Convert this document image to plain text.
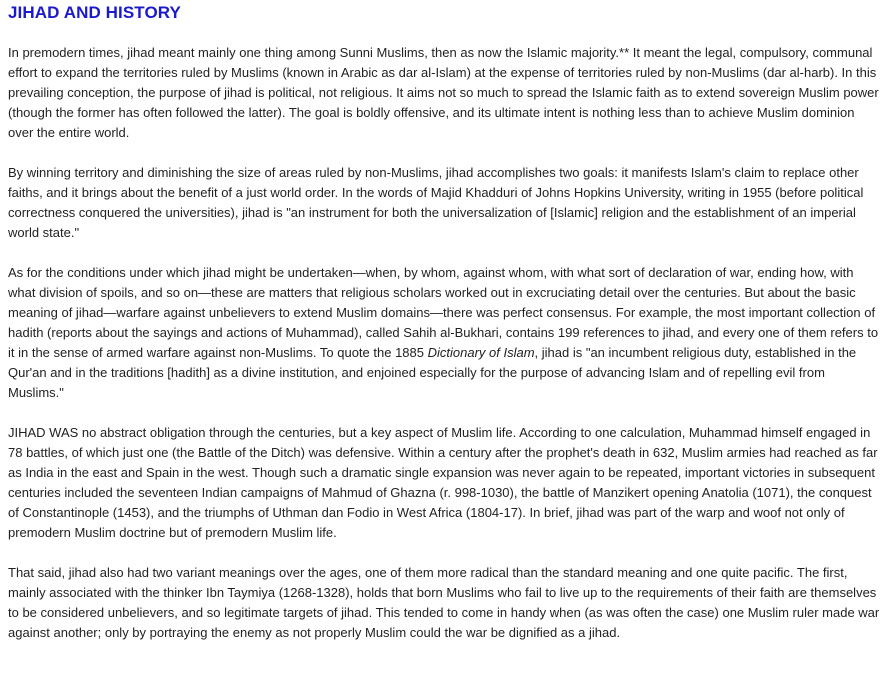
JIHAD AND HISTORY

In premodern times, jihad meant mainly one thing among Sunni Muslims, then as now the Islamic majority.** It meant the legal, compulsory, communal effort to expand the territories ruled by Muslims (known in Arabic as dar al-Islam) at the expense of territories ruled by non-Muslims (dar al-harb). In this prevailing conception, the purpose of jihad is political, not religious. It aims not so much to spread the Islamic faith as to extend sovereign Muslim power (though the former has often followed the latter). The goal is boldly offensive, and its ultimate intent is nothing less than to achieve Muslim dominion over the entire world.

By winning territory and diminishing the size of areas ruled by non-Muslims, jihad accomplishes two goals: it manifests Islam's claim to replace other faiths, and it brings about the benefit of a just world order. In the words of Majid Khadduri of Johns Hopkins University, writing in 1955 (before political correctness conquered the universities), jihad is "an instrument for both the universalization of [Islamic] religion and the establishment of an imperial world state."

As for the conditions under which jihad might be undertaken—when, by whom, against whom, with what sort of declaration of war, ending how, with what division of spoils, and so on—these are matters that religious scholars worked out in excruciating detail over the centuries. But about the basic meaning of jihad—warfare against unbelievers to extend Muslim domains—there was perfect consensus. For example, the most important collection of hadith (reports about the sayings and actions of Muhammad), called Sahih al-Bukhari, contains 199 references to jihad, and every one of them refers to it in the sense of armed warfare against non-Muslims. To quote the 1885 Dictionary of Islam, jihad is "an incumbent religious duty, established in the Qur'an and in the traditions [hadith] as a divine institution, and enjoined especially for the purpose of advancing Islam and of repelling evil from Muslims."

JIHAD WAS no abstract obligation through the centuries, but a key aspect of Muslim life. According to one calculation, Muhammad himself engaged in 78 battles, of which just one (the Battle of the Ditch) was defensive. Within a century after the prophet's death in 632, Muslim armies had reached as far as India in the east and Spain in the west. Though such a dramatic single expansion was never again to be repeated, important victories in subsequent centuries included the seventeen Indian campaigns of Mahmud of Ghazna (r. 998-1030), the battle of Manzikert opening Anatolia (1071), the conquest of Constantinople (1453), and the triumphs of Uthman dan Fodio in West Africa (1804-17). In brief, jihad was part of the warp and woof not only of premodern Muslim doctrine but of premodern Muslim life.

That said, jihad also had two variant meanings over the ages, one of them more radical than the standard meaning and one quite pacific. The first, mainly associated with the thinker Ibn Taymiya (1268-1328), holds that born Muslims who fail to live up to the requirements of their faith are themselves to be considered unbelievers, and so legitimate targets of jihad. This tended to come in handy when (as was often the case) one Muslim ruler made war against another; only by portraying the enemy as not properly Muslim could the war be dignified as a jihad.
